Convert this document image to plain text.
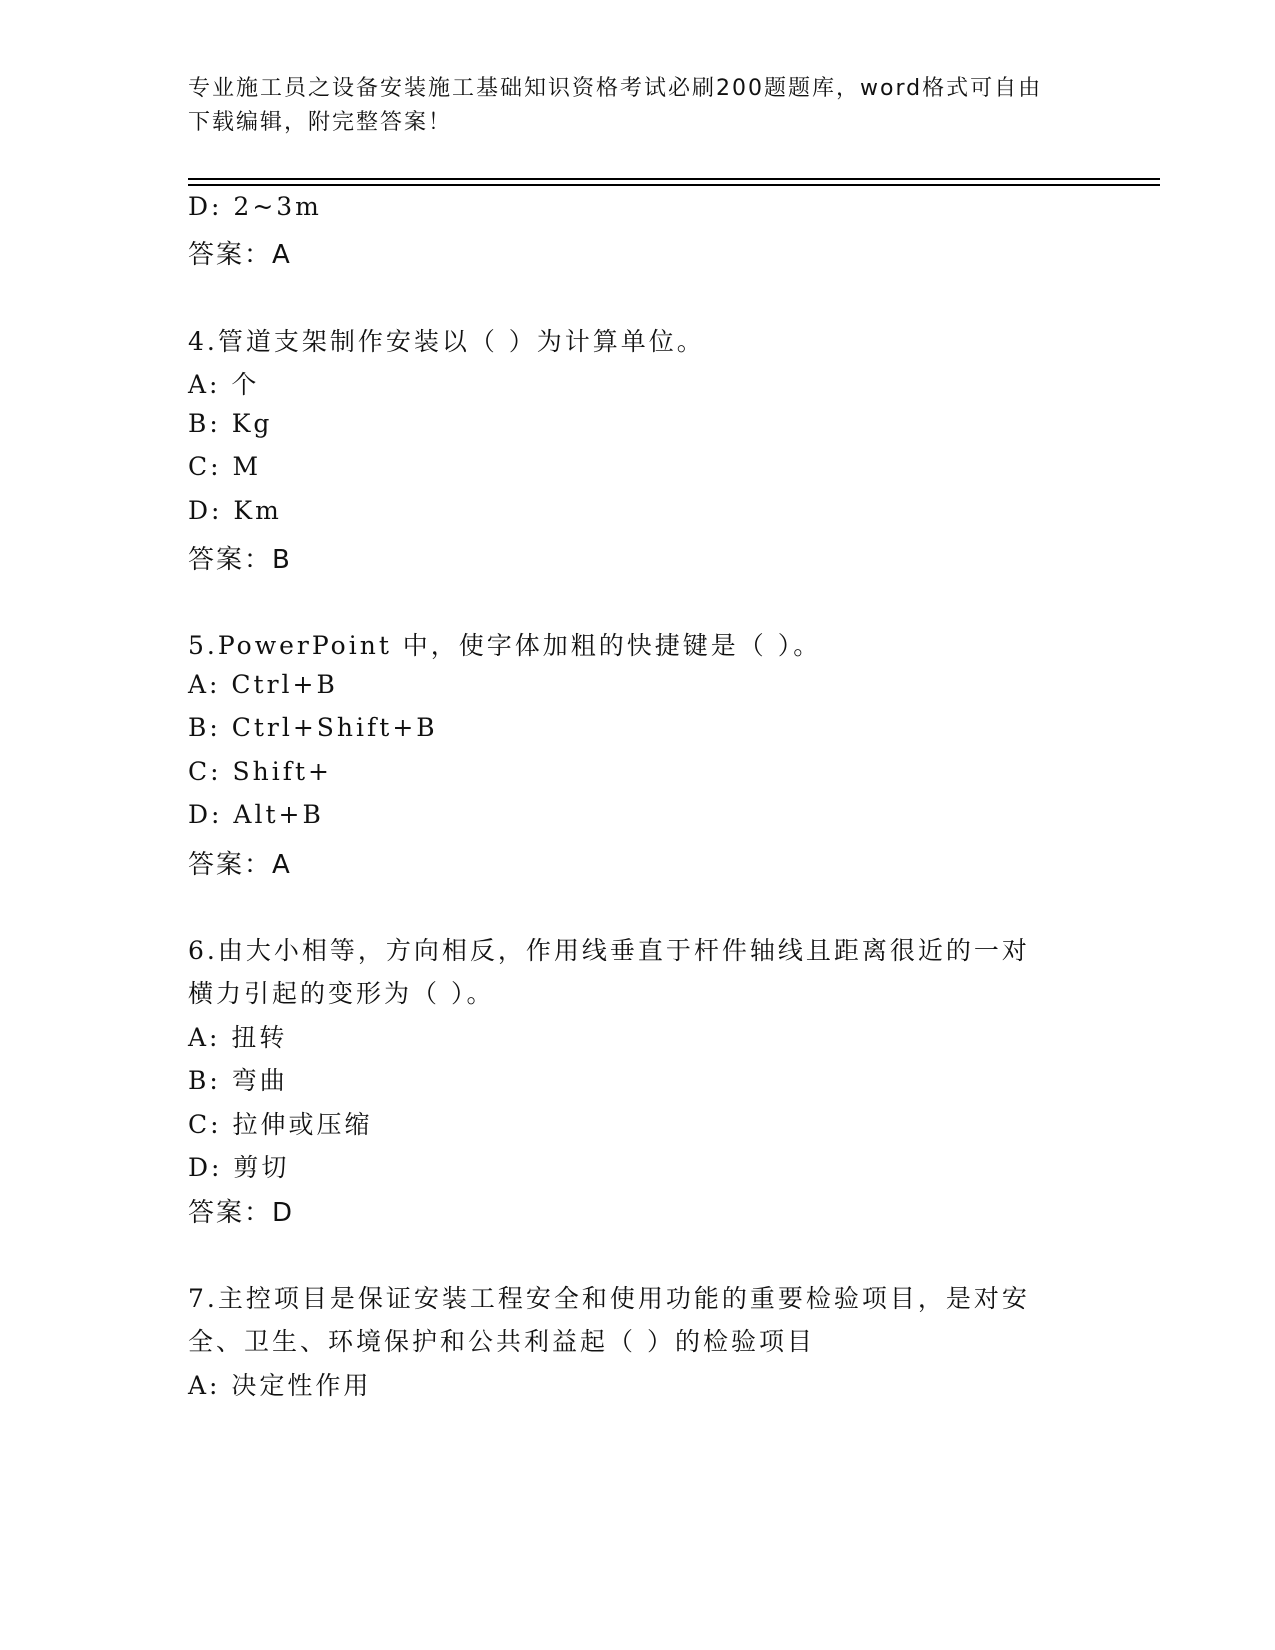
专业施工员之设备安装施工基础知识资格考试必刷200题题库，word格式可自由
下载编辑，附完整答案！
D: 2~3m
答案：A
4.管道支架制作安装以（ ）为计算单位。
A: 个
B: Kg
C: M
D: Km
答案：B
5.PowerPoint 中，使字体加粗的快捷键是（ ）。
A: Ctrl+B
B: Ctrl+Shift+B
C: Shift+
D: Alt+B
答案：A
6.由大小相等，方向相反，作用线垂直于杆件轴线且距离很近的一对
横力引起的变形为（ ）。
A: 扭转
B: 弯曲
C: 拉伸或压缩
D: 剪切
答案：D
7.主控项目是保证安装工程安全和使用功能的重要检验项目，是对安
全、卫生、环境保护和公共利益起（ ）的检验项目
A: 决定性作用
